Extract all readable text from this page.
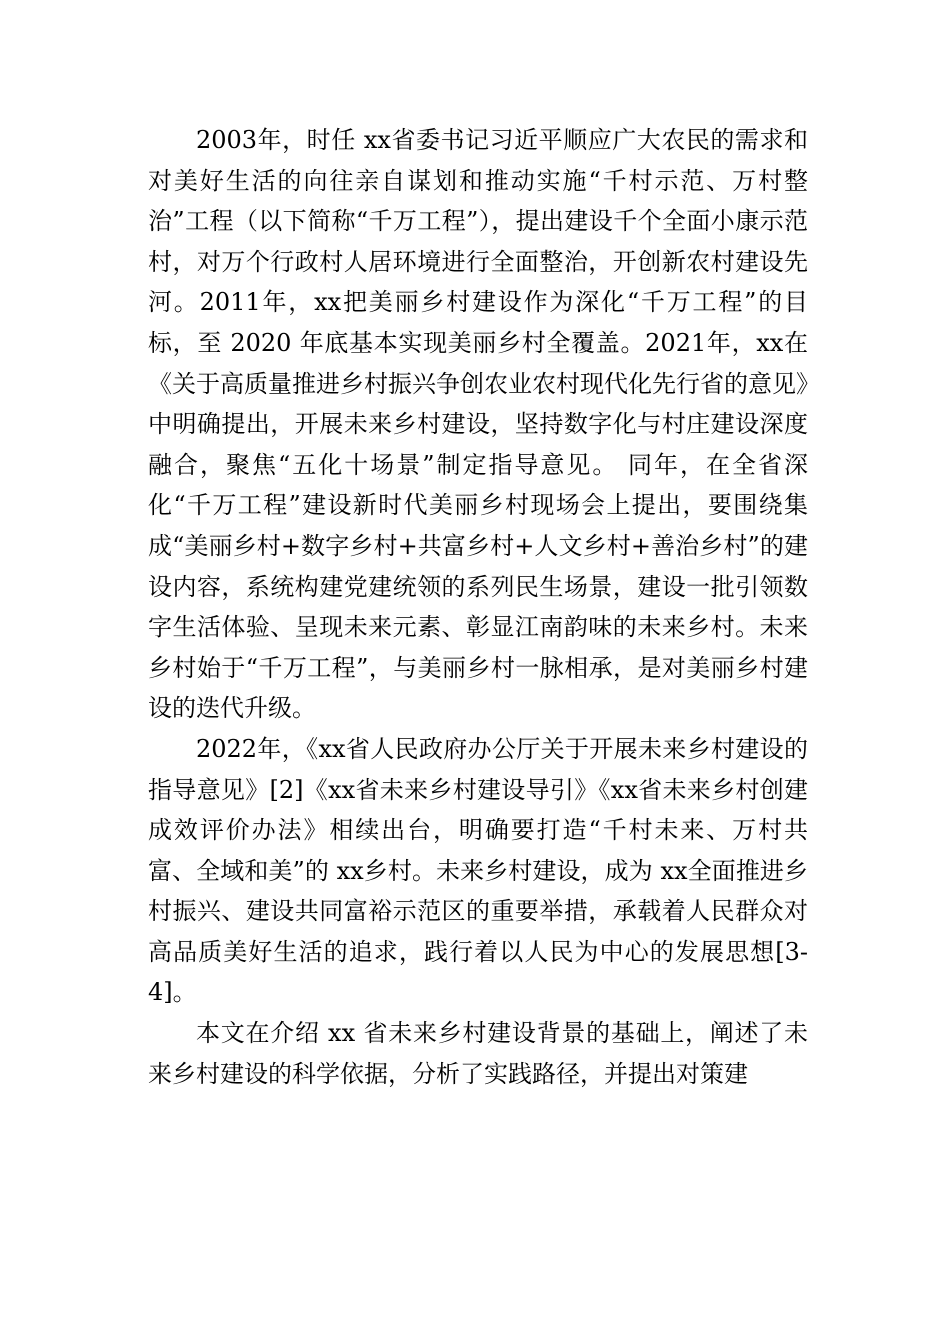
2003年，时任 xx省委书记习近平顺应广大农民的需求和对美好生活的向往亲自谋划和推动实施“千村示范、万村整治”工程（以下简称“千万工程”），提出建设千个全面小康示范村，对万个行政村人居环境进行全面整治，开创新农村建设先河。2011年，xx把美丽乡村建设作为深化“千万工程”的目标，至 2020 年底基本实现美丽乡村全覆盖。2021年，xx在《关于高质量推进乡村振兴争创农业农村现代化先行省的意见》中明确提出，开展未来乡村建设，坚持数字化与村庄建设深度融合，聚焦“五化十场景”制定指导意见。 同年，在全省深化“千万工程”建设新时代美丽乡村现场会上提出，要围绕集成“美丽乡村+数字乡村+共富乡村+人文乡村+善治乡村”的建设内容，系统构建党建统领的系列民生场景，建设一批引领数字生活体验、呈现未来元素、彰显江南韵味的未来乡村。未来乡村始于“千万工程”，与美丽乡村一脉相承，是对美丽乡村建设的迭代升级。

2022年，《xx省人民政府办公厅关于开展未来乡村建设的指导意见》[2]《xx省未来乡村建设导引》《xx省未来乡村创建成效评价办法》相续出台，明确要打造“千村未来、万村共富、全域和美”的 xx乡村。未来乡村建设，成为 xx全面推进乡村振兴、建设共同富裕示范区的重要举措，承载着人民群众对高品质美好生活的追求，践行着以人民为中心的发展思想[3-4]。

本文在介绍 xx 省未来乡村建设背景的基础上，阐述了未来乡村建设的科学依据，分析了实践路径，并提出对策建
